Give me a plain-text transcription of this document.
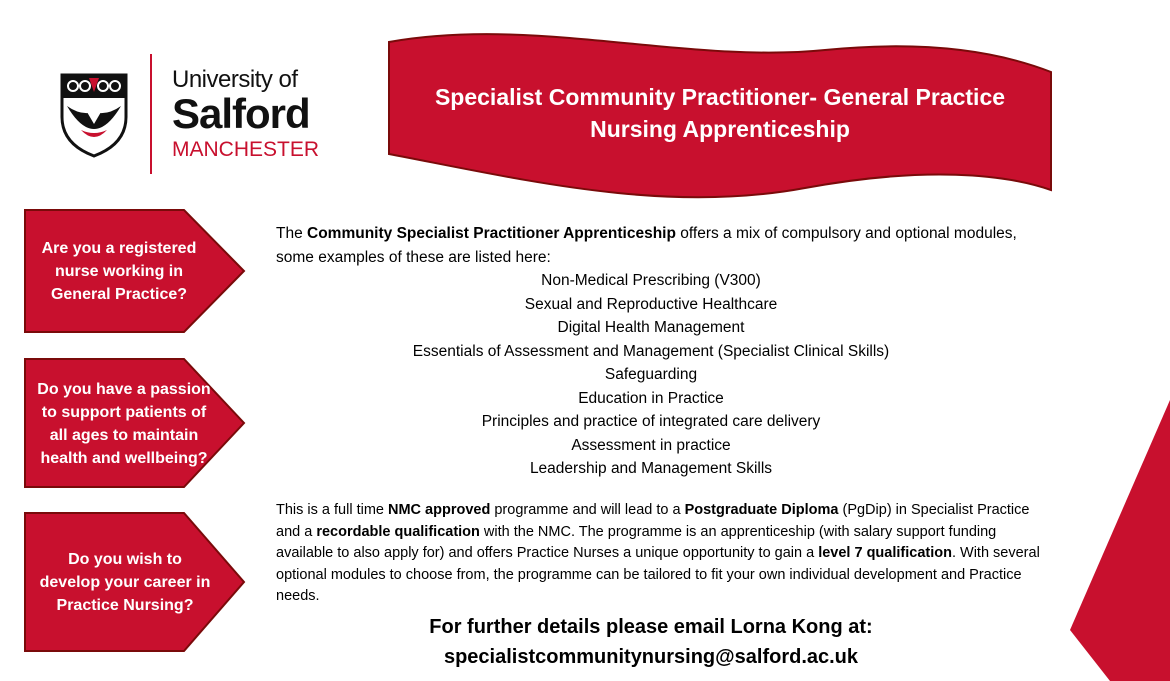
University of
Salford
MANCHESTER
Specialist Community Practitioner- General Practice
Nursing Apprenticeship
Are you a registered nurse working in General Practice?
Do you have a passion to support patients of all ages to maintain health and wellbeing?
Do you wish to develop your career in Practice Nursing?
The Community Specialist Practitioner Apprenticeship offers a mix of compulsory and optional modules, some examples of these are listed here:
Non-Medical Prescribing (V300)
Sexual and Reproductive Healthcare
Digital Health Management
Essentials of Assessment and Management (Specialist Clinical Skills)
Safeguarding
Education in Practice
Principles and practice of integrated care delivery
Assessment in practice
Leadership and Management Skills
This is a full time NMC approved programme and will lead to a Postgraduate Diploma (PgDip) in Specialist Practice and a recordable qualification with the NMC. The programme is an apprenticeship (with salary support funding available to also apply for) and offers Practice Nurses a unique opportunity to gain a level 7 qualification. With several optional modules to choose from, the programme can be tailored to fit your own individual development and Practice needs.
For further details please email Lorna Kong at:
specialistcommunitynursing@salford.ac.uk
